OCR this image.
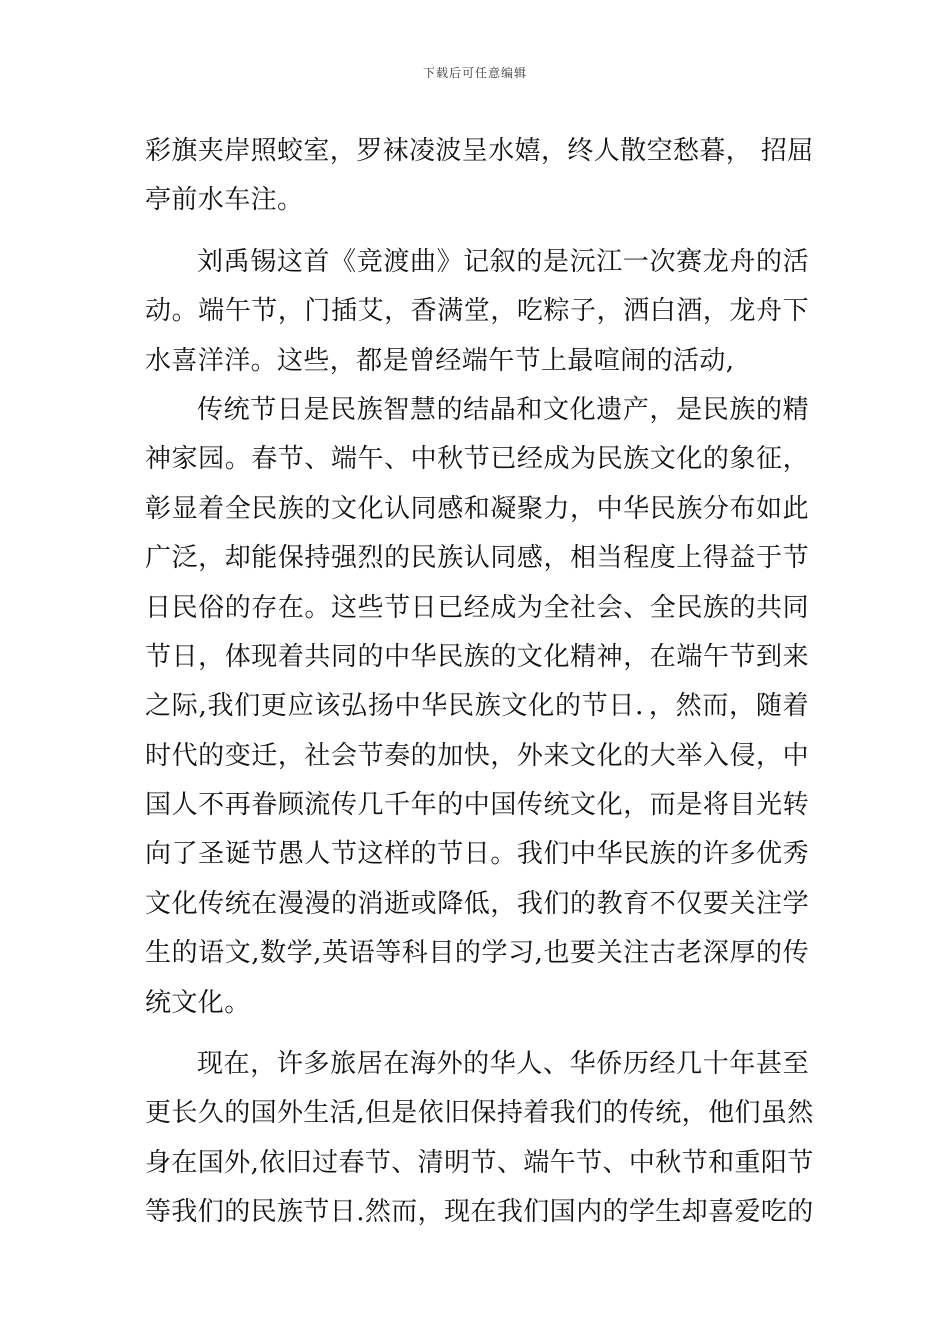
下载后可任意编辑
彩旗夹岸照蛟室，罗袜凌波呈水嬉，终人散空愁暮， 招屈
亭前水车注。
刘禹锡这首《竞渡曲》记叙的是沅江一次赛龙舟的活
动。端午节，门插艾，香满堂，吃粽子，洒白酒，龙舟下
水喜洋洋。这些，都是曾经端午节上最喧闹的活动,
传统节日是民族智慧的结晶和文化遗产，是民族的精
神家园。春节、端午、中秋节已经成为民族文化的象征，
彰显着全民族的文化认同感和凝聚力，中华民族分布如此
广泛，却能保持强烈的民族认同感，相当程度上得益于节
日民俗的存在。这些节日已经成为全社会、全民族的共同
节日，体现着共同的中华民族的文化精神，在端午节到来
之际,我们更应该弘扬中华民族文化的节日．，然而，随着
时代的变迁，社会节奏的加快，外来文化的大举入侵，中
国人不再眷顾流传几千年的中国传统文化，而是将目光转
向了圣诞节愚人节这样的节日。我们中华民族的许多优秀
文化传统在漫漫的消逝或降低，我们的教育不仅要关注学
生的语文,数学,英语等科目的学习,也要关注古老深厚的传
统文化。
现在，许多旅居在海外的华人、华侨历经几十年甚至
更长久的国外生活,但是依旧保持着我们的传统，他们虽然
身在国外,依旧过春节、清明节、端午节、中秋节和重阳节
等我们的民族节日.然而，现在我们国内的学生却喜爱吃的
